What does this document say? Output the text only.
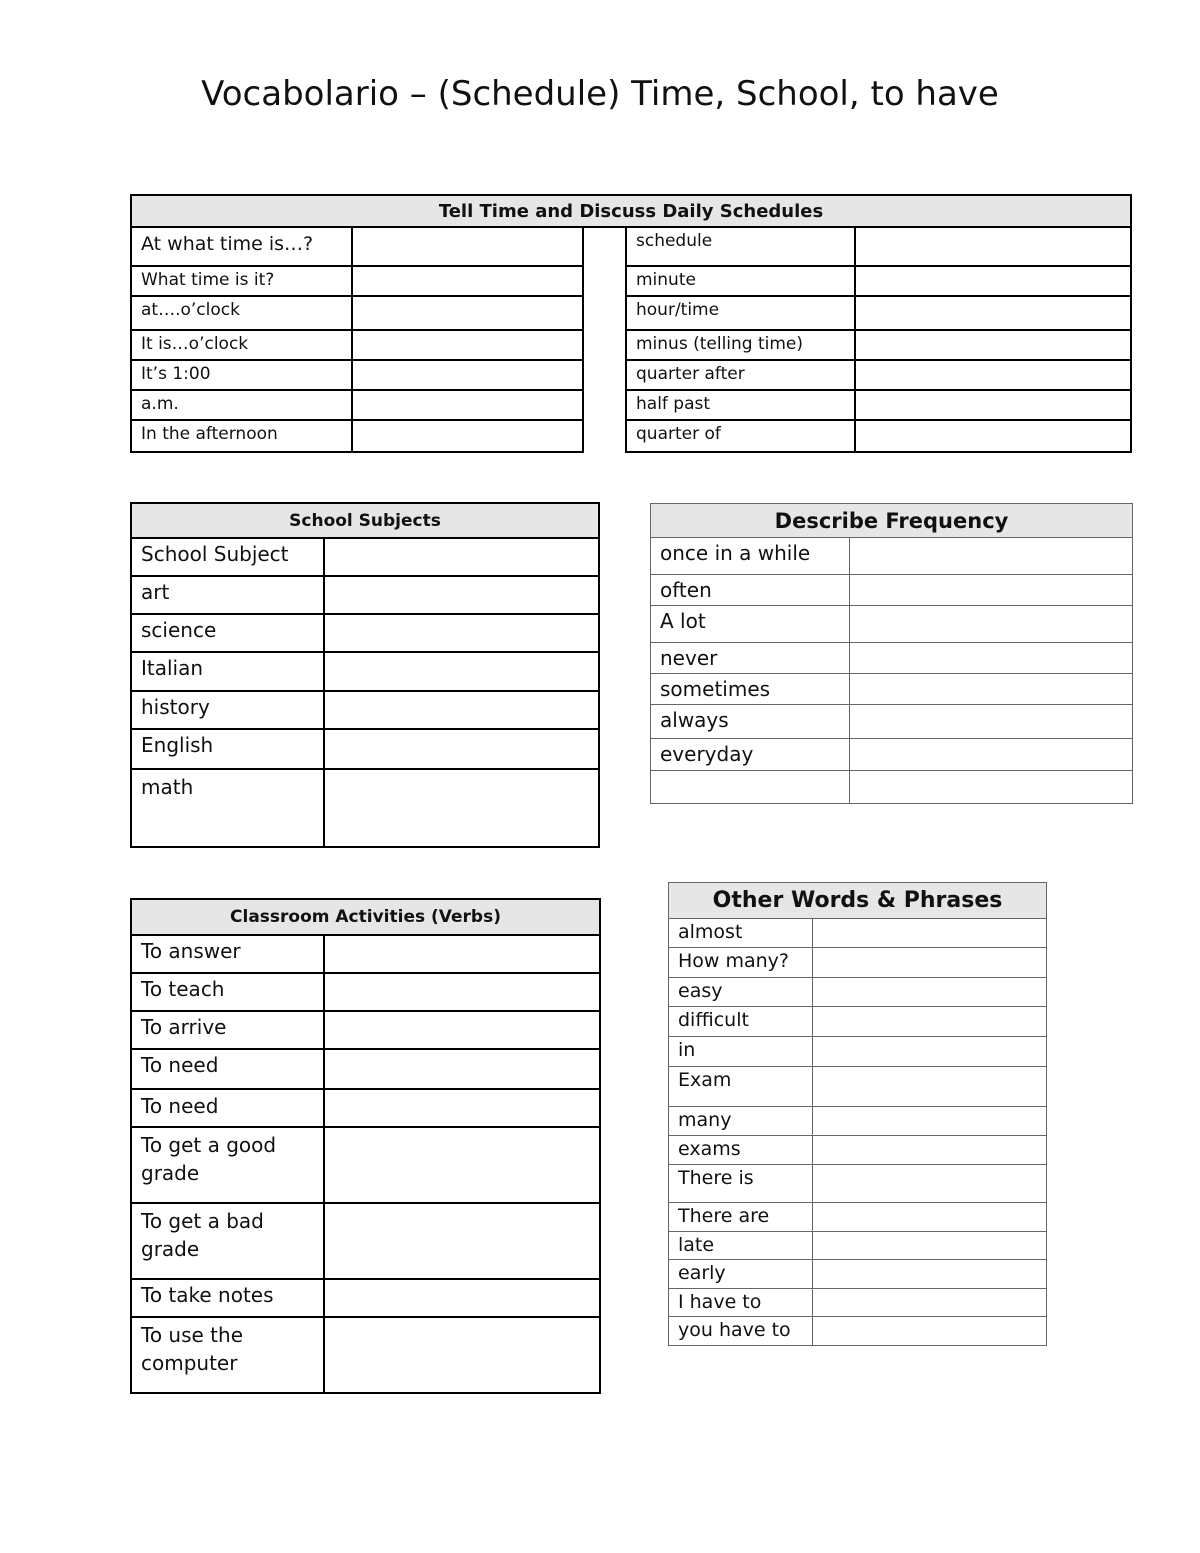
Vocabolario – (Schedule) Time, School, to have
Tell Time and Discuss Daily Schedules				
At what time is…?			schedule	
What time is it?			minute	
at….o’clock			hour/time	
It is…o’clock			minus (telling time)	
It’s 1:00			quarter after	
a.m.			half past	
In the afternoon			quarter of	
School Subjects	
School Subject	
art	
science	
Italian	
history	
English	
math	
Describe Frequency	
once in a while	
often	
A lot	
never	
sometimes	
always	
everyday	

Classroom Activities (Verbs)	
To answer	
To teach	
To arrive	
To need	
To need	
To get a good grade	
To get a bad grade	
To take notes	
To use the computer	
Other Words & Phrases	
almost	
How many?	
easy	
difficult	
in	
Exam	
many	
exams	
There is	
There are	
late	
early	
I have to	
you have to	
